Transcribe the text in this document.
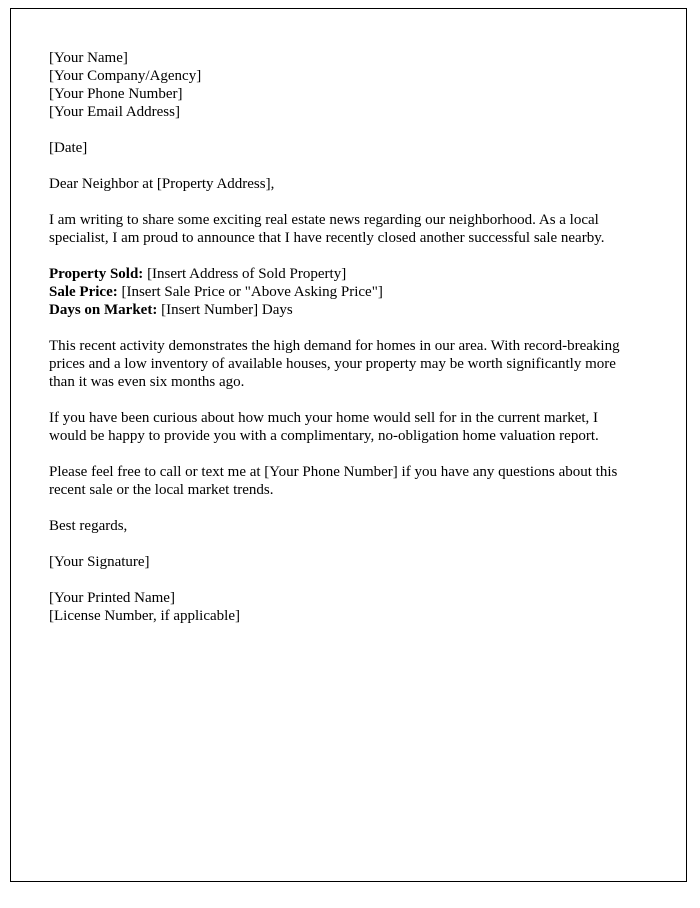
[Your Name]
[Your Company/Agency]
[Your Phone Number]
[Your Email Address]
[Date]
Dear Neighbor at [Property Address],

I am writing to share some exciting real estate news regarding our neighborhood. As a local specialist, I am proud to announce that I have recently closed another successful sale nearby.

Property Sold: [Insert Address of Sold Property]
Sale Price: [Insert Sale Price or "Above Asking Price"]
Days on Market: [Insert Number] Days

This recent activity demonstrates the high demand for homes in our area. With record-breaking prices and a low inventory of available houses, your property may be worth significantly more than it was even six months ago.

If you have been curious about how much your home would sell for in the current market, I would be happy to provide you with a complimentary, no-obligation home valuation report.

Please feel free to call or text me at [Your Phone Number] if you have any questions about this recent sale or the local market trends.

Best regards,
[Your Signature]
[Your Printed Name]
[License Number, if applicable]
